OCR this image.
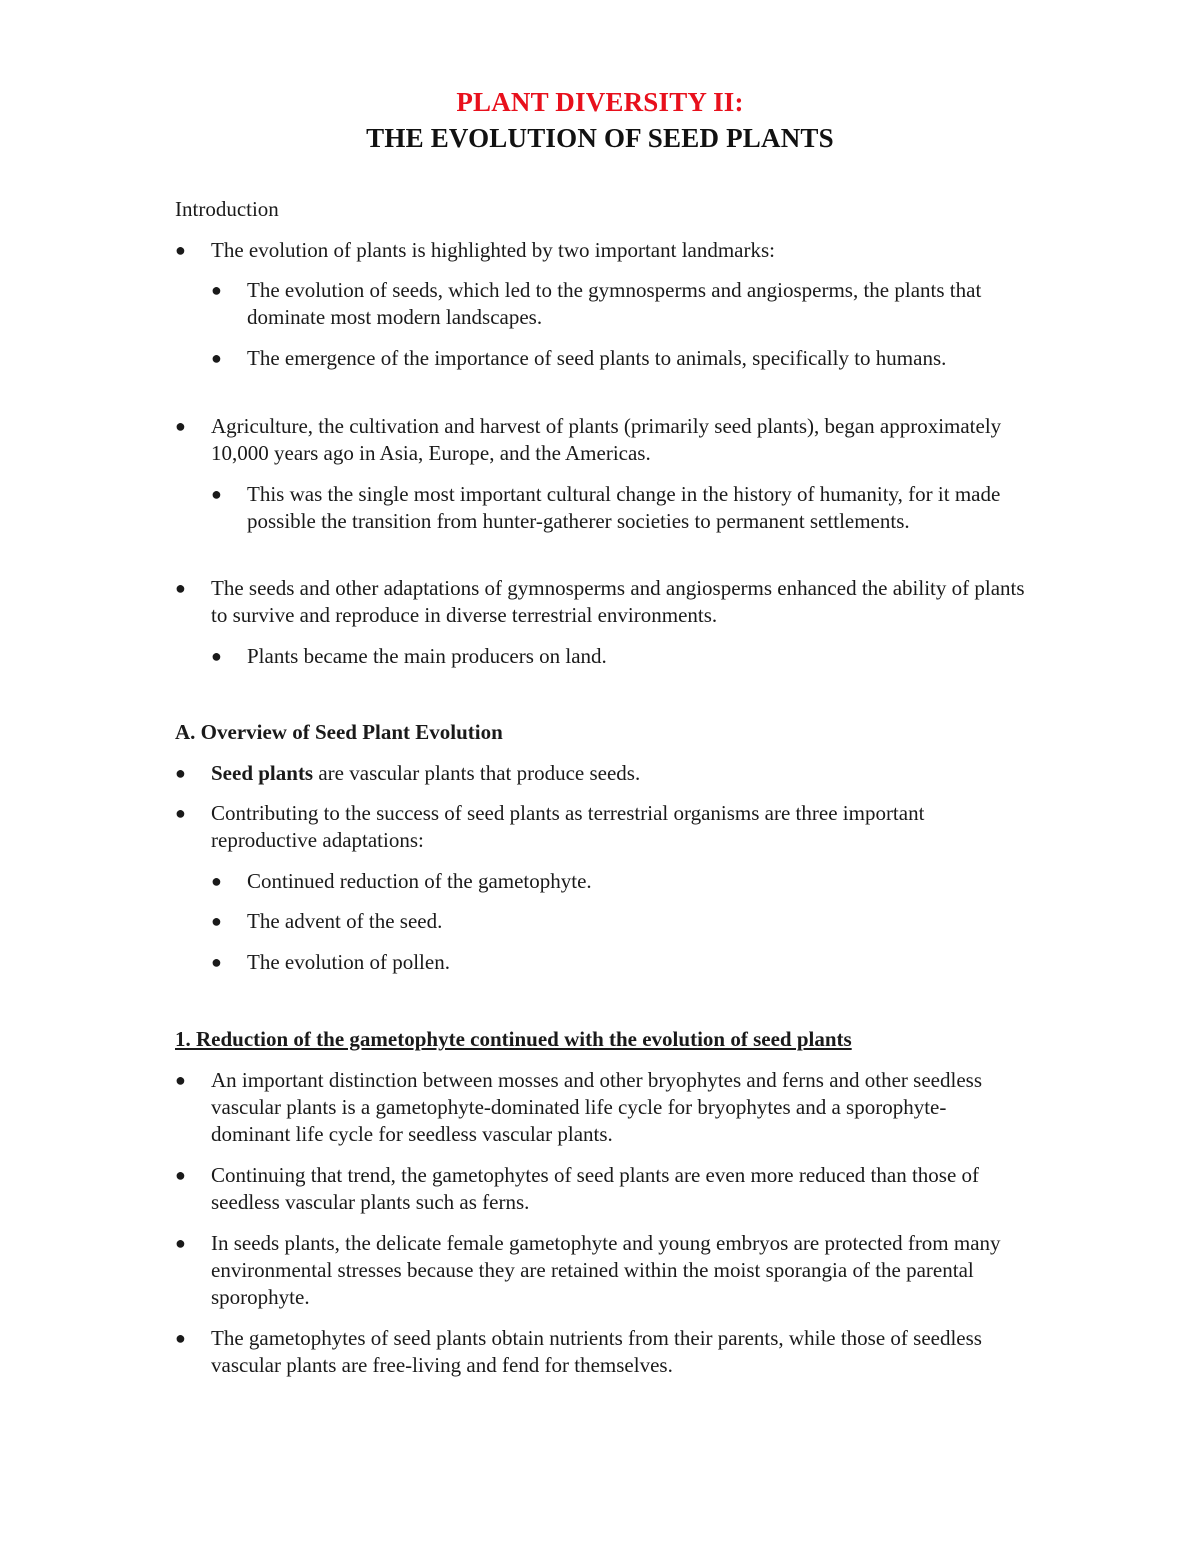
PLANT DIVERSITY II:
THE EVOLUTION OF SEED PLANTS
Introduction
●	The evolution of plants is highlighted by two important landmarks:
●	The evolution of seeds, which led to the gymnosperms and angiosperms, the plants that dominate most modern landscapes.
●	The emergence of the importance of seed plants to animals, specifically to humans.
●	Agriculture, the cultivation and harvest of plants (primarily seed plants), began approximately 10,000 years ago in Asia, Europe, and the Americas.
●	This was the single most important cultural change in the history of humanity, for it made possible the transition from hunter-gatherer societies to permanent settlements.
●	The seeds and other adaptations of gymnosperms and angiosperms enhanced the ability of plants to survive and reproduce in diverse terrestrial environments.
●	Plants became the main producers on land.
A. Overview of Seed Plant Evolution
●	Seed plants are vascular plants that produce seeds.
●	Contributing to the success of seed plants as terrestrial organisms are three important reproductive adaptations:
●	Continued reduction of the gametophyte.
●	The advent of the seed.
●	The evolution of pollen.
1. Reduction of the gametophyte continued with the evolution of seed plants
●	An important distinction between mosses and other bryophytes and ferns and other seedless vascular plants is a gametophyte-dominated life cycle for bryophytes and a sporophyte-dominant life cycle for seedless vascular plants.
●	Continuing that trend, the gametophytes of seed plants are even more reduced than those of seedless vascular plants such as ferns.
●	In seeds plants, the delicate female gametophyte and young embryos are protected from many environmental stresses because they are retained within the moist sporangia of the parental sporophyte.
●	The gametophytes of seed plants obtain nutrients from their parents, while those of seedless vascular plants are free-living and fend for themselves.
